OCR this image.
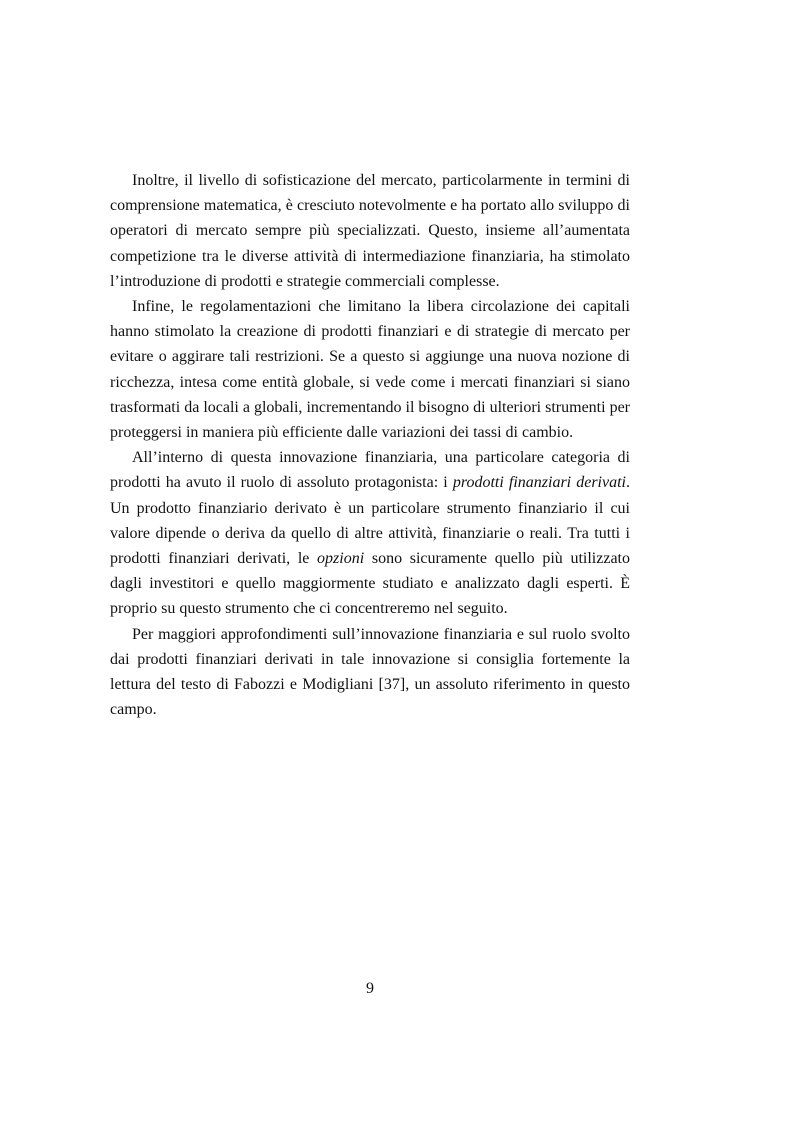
Inoltre, il livello di sofisticazione del mercato, particolarmente in termini di comprensione matematica, è cresciuto notevolmente e ha portato allo sviluppo di operatori di mercato sempre più specializzati. Questo, insieme all’aumentata competizione tra le diverse attività di intermediazione finanziaria, ha stimolato l’introduzione di prodotti e strategie commerciali complesse.

Infine, le regolamentazioni che limitano la libera circolazione dei capitali hanno stimolato la creazione di prodotti finanziari e di strategie di mercato per evitare o aggirare tali restrizioni. Se a questo si aggiunge una nuova nozione di ricchezza, intesa come entità globale, si vede come i mercati finanziari si siano trasformati da locali a globali, incrementando il bisogno di ulteriori strumenti per proteggersi in maniera più efficiente dalle variazioni dei tassi di cambio.

All’interno di questa innovazione finanziaria, una particolare categoria di prodotti ha avuto il ruolo di assoluto protagonista: i prodotti finanziari derivati. Un prodotto finanziario derivato è un particolare strumento finanziario il cui valore dipende o deriva da quello di altre attività, finanziarie o reali. Tra tutti i prodotti finanziari derivati, le opzioni sono sicuramente quello più utilizzato dagli investitori e quello maggiormente studiato e analizzato dagli esperti. È proprio su questo strumento che ci concentreremo nel seguito.

Per maggiori approfondimenti sull’innovazione finanziaria e sul ruolo svolto dai prodotti finanziari derivati in tale innovazione si consiglia fortemente la lettura del testo di Fabozzi e Modigliani [37], un assoluto riferimento in questo campo.

9
